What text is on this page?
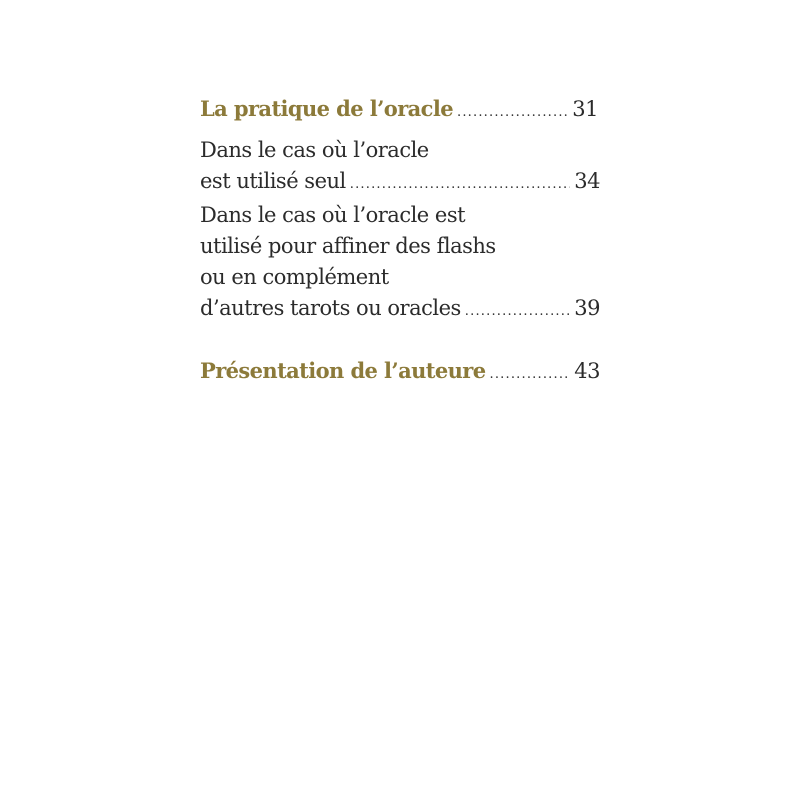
La pratique de l’oracle .....	31
Dans le cas où l’oracle
est utilisé seul .....	34
Dans le cas où l’oracle est
utilisé pour affiner des flashs
ou en complément
d’autres tarots ou oracles .....	39
Présentation de l’auteure .....	43
